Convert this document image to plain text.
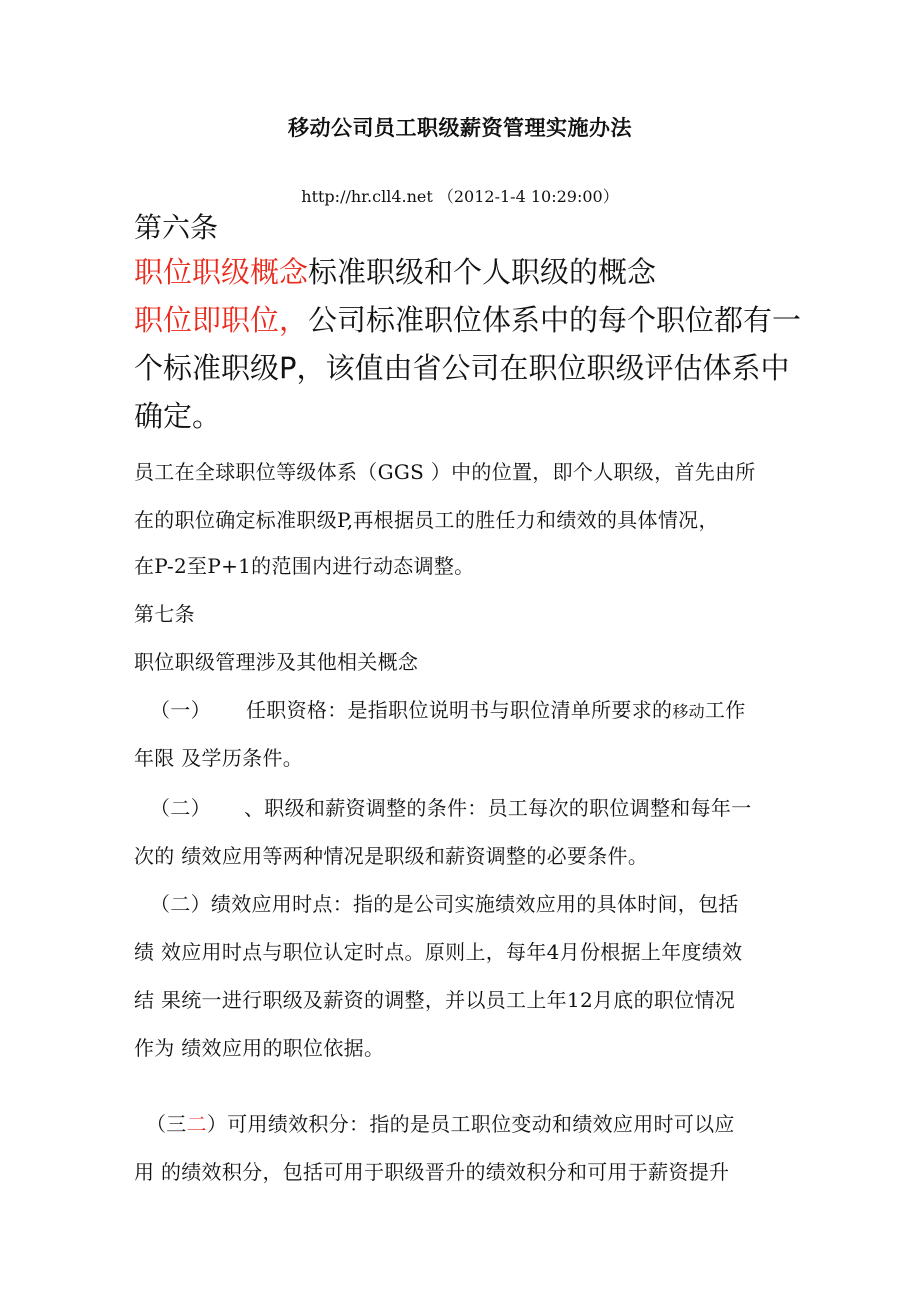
移动公司员工职级薪资管理实施办法
http://hr.cll4.net （2012-1-4 10:29:00）
第六条
职位职级概念标准职级和个人职级的概念
职位即职位，公司标准职位体系中的每个职位都有一
个标准职级P，该值由省公司在职位职级评估体系中
确定。
员工在全球职位等级体系（GGS ）中的位置，即个人职级，首先由所
在的职位确定标准职级P,再根据员工的胜任力和绩效的具体情况，
在P-2至P+1的范围内进行动态调整。
第七条
职位职级管理涉及其他相关概念
（一） 任职资格：是指职位说明书与职位清单所要求的移动工作
年限 及学历条件。
（二） 、职级和薪资调整的条件：员工每次的职位调整和每年一
次的 绩效应用等两种情况是职级和薪资调整的必要条件。
（二）绩效应用时点：指的是公司实施绩效应用的具体时间，包括
绩 效应用时点与职位认定时点。原则上，每年4月份根据上年度绩效
结 果统一进行职级及薪资的调整，并以员工上年12月底的职位情况
作为 绩效应用的职位依据。
（三二）可用绩效积分：指的是员工职位变动和绩效应用时可以应
用 的绩效积分，包括可用于职级晋升的绩效积分和可用于薪资提升
